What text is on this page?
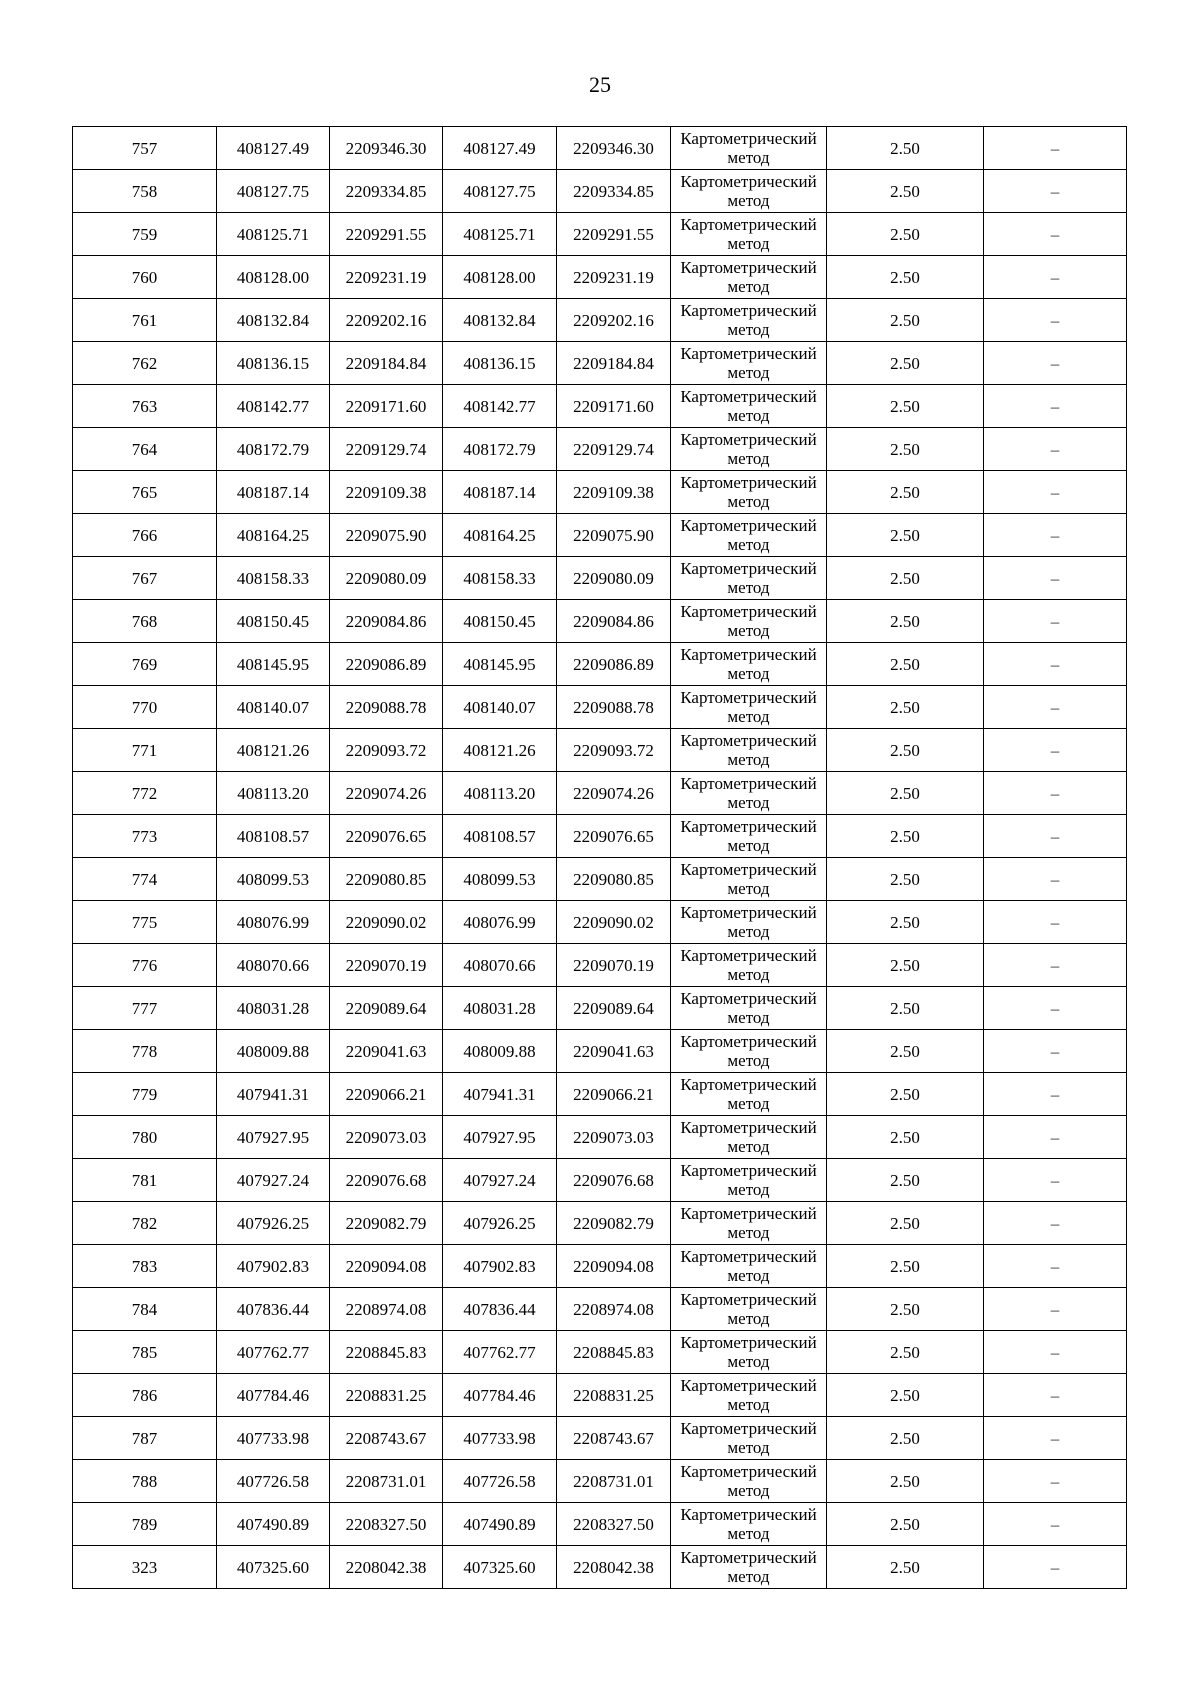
25
757	408127.49	2209346.30	408127.49	2209346.30	Картометрический метод	2.50	–
758	408127.75	2209334.85	408127.75	2209334.85	Картометрический метод	2.50	–
759	408125.71	2209291.55	408125.71	2209291.55	Картометрический метод	2.50	–
760	408128.00	2209231.19	408128.00	2209231.19	Картометрический метод	2.50	–
761	408132.84	2209202.16	408132.84	2209202.16	Картометрический метод	2.50	–
762	408136.15	2209184.84	408136.15	2209184.84	Картометрический метод	2.50	–
763	408142.77	2209171.60	408142.77	2209171.60	Картометрический метод	2.50	–
764	408172.79	2209129.74	408172.79	2209129.74	Картометрический метод	2.50	–
765	408187.14	2209109.38	408187.14	2209109.38	Картометрический метод	2.50	–
766	408164.25	2209075.90	408164.25	2209075.90	Картометрический метод	2.50	–
767	408158.33	2209080.09	408158.33	2209080.09	Картометрический метод	2.50	–
768	408150.45	2209084.86	408150.45	2209084.86	Картометрический метод	2.50	–
769	408145.95	2209086.89	408145.95	2209086.89	Картометрический метод	2.50	–
770	408140.07	2209088.78	408140.07	2209088.78	Картометрический метод	2.50	–
771	408121.26	2209093.72	408121.26	2209093.72	Картометрический метод	2.50	–
772	408113.20	2209074.26	408113.20	2209074.26	Картометрический метод	2.50	–
773	408108.57	2209076.65	408108.57	2209076.65	Картометрический метод	2.50	–
774	408099.53	2209080.85	408099.53	2209080.85	Картометрический метод	2.50	–
775	408076.99	2209090.02	408076.99	2209090.02	Картометрический метод	2.50	–
776	408070.66	2209070.19	408070.66	2209070.19	Картометрический метод	2.50	–
777	408031.28	2209089.64	408031.28	2209089.64	Картометрический метод	2.50	–
778	408009.88	2209041.63	408009.88	2209041.63	Картометрический метод	2.50	–
779	407941.31	2209066.21	407941.31	2209066.21	Картометрический метод	2.50	–
780	407927.95	2209073.03	407927.95	2209073.03	Картометрический метод	2.50	–
781	407927.24	2209076.68	407927.24	2209076.68	Картометрический метод	2.50	–
782	407926.25	2209082.79	407926.25	2209082.79	Картометрический метод	2.50	–
783	407902.83	2209094.08	407902.83	2209094.08	Картометрический метод	2.50	–
784	407836.44	2208974.08	407836.44	2208974.08	Картометрический метод	2.50	–
785	407762.77	2208845.83	407762.77	2208845.83	Картометрический метод	2.50	–
786	407784.46	2208831.25	407784.46	2208831.25	Картометрический метод	2.50	–
787	407733.98	2208743.67	407733.98	2208743.67	Картометрический метод	2.50	–
788	407726.58	2208731.01	407726.58	2208731.01	Картометрический метод	2.50	–
789	407490.89	2208327.50	407490.89	2208327.50	Картометрический метод	2.50	–
323	407325.60	2208042.38	407325.60	2208042.38	Картометрический метод	2.50	–
